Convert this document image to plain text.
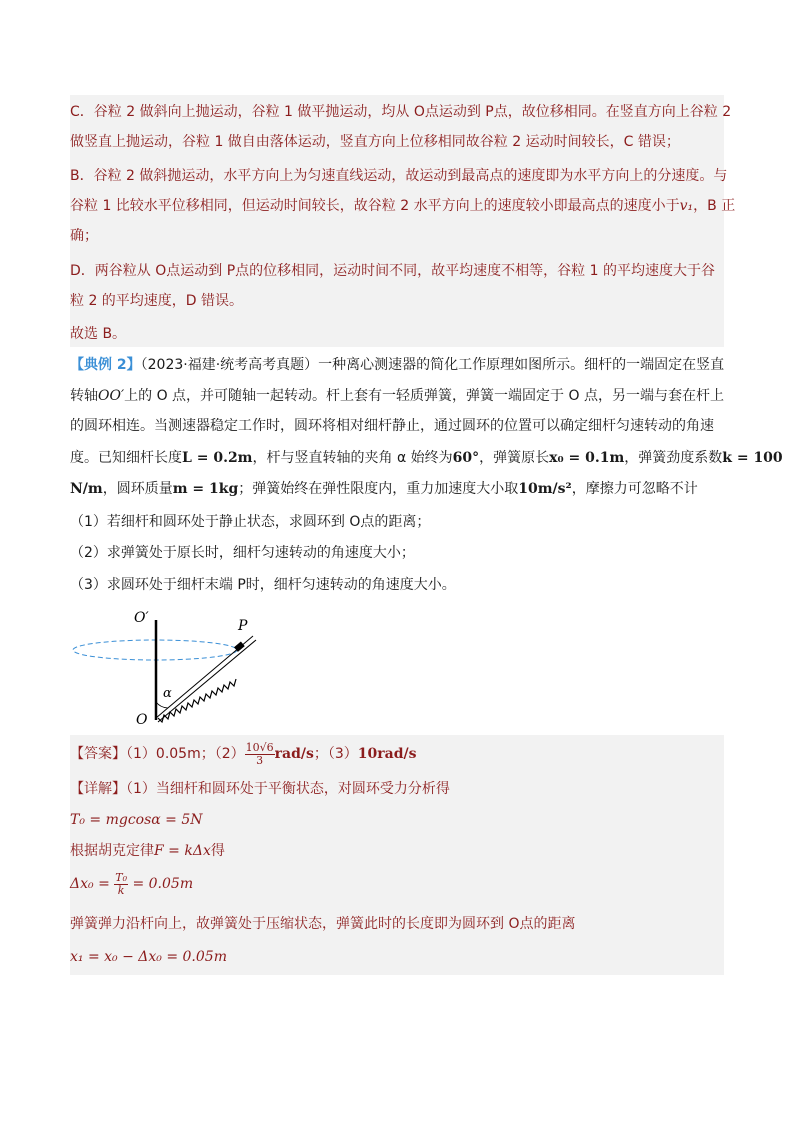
C．谷粒 2 做斜向上抛运动，谷粒 1 做平抛运动，均从 O点运动到 P点，故位移相同。在竖直方向上谷粒 2
做竖直上抛运动，谷粒 1 做自由落体运动，竖直方向上位移相同故谷粒 2 运动时间较长，C 错误；
B．谷粒 2 做斜抛运动，水平方向上为匀速直线运动，故运动到最高点的速度即为水平方向上的分速度。与
谷粒 1 比较水平位移相同，但运动时间较长，故谷粒 2 水平方向上的速度较小即最高点的速度小于v₁，B 正
确；
D．两谷粒从 O点运动到 P点的位移相同，运动时间不同，故平均速度不相等，谷粒 1 的平均速度大于谷
粒 2 的平均速度，D 错误。
故选 B。
【典例 2】（2023·福建·统考高考真题）一种离心测速器的简化工作原理如图所示。细杆的一端固定在竖直
转轴OO′上的 O 点，并可随轴一起转动。杆上套有一轻质弹簧，弹簧一端固定于 O 点，另一端与套在杆上
的圆环相连。当测速器稳定工作时，圆环将相对细杆静止，通过圆环的位置可以确定细杆匀速转动的角速
度。已知细杆长度L = 0.2m，杆与竖直转轴的夹角 α 始终为60°，弹簧原长x₀ = 0.1m，弹簧劲度系数k = 100
N/m，圆环质量m = 1kg；弹簧始终在弹性限度内，重力加速度大小取10m/s²，摩擦力可忽略不计
（1）若细杆和圆环处于静止状态，求圆环到 O点的距离；
（2）求弹簧处于原长时，细杆匀速转动的角速度大小；
（3）求圆环处于细杆末端 P时，细杆匀速转动的角速度大小。
O′
O
P
α
【答案】（1）0.05m；$(2) \frac{10√6}{3} rad/s$；（3）10rad/s
【详解】（1）当细杆和圆环处于平衡状态，对圆环受力分析得
T₀ = mgcosα = 5N
根据胡克定律F = kΔx得
$\Delta x_0 = \frac{\text{T₀}}{k} = 0.05m$
弹簧弹力沿杆向上，故弹簧处于压缩状态，弹簧此时的长度即为圆环到 O点的距离
x₁ = x₀ − Δx₀ = 0.05m
